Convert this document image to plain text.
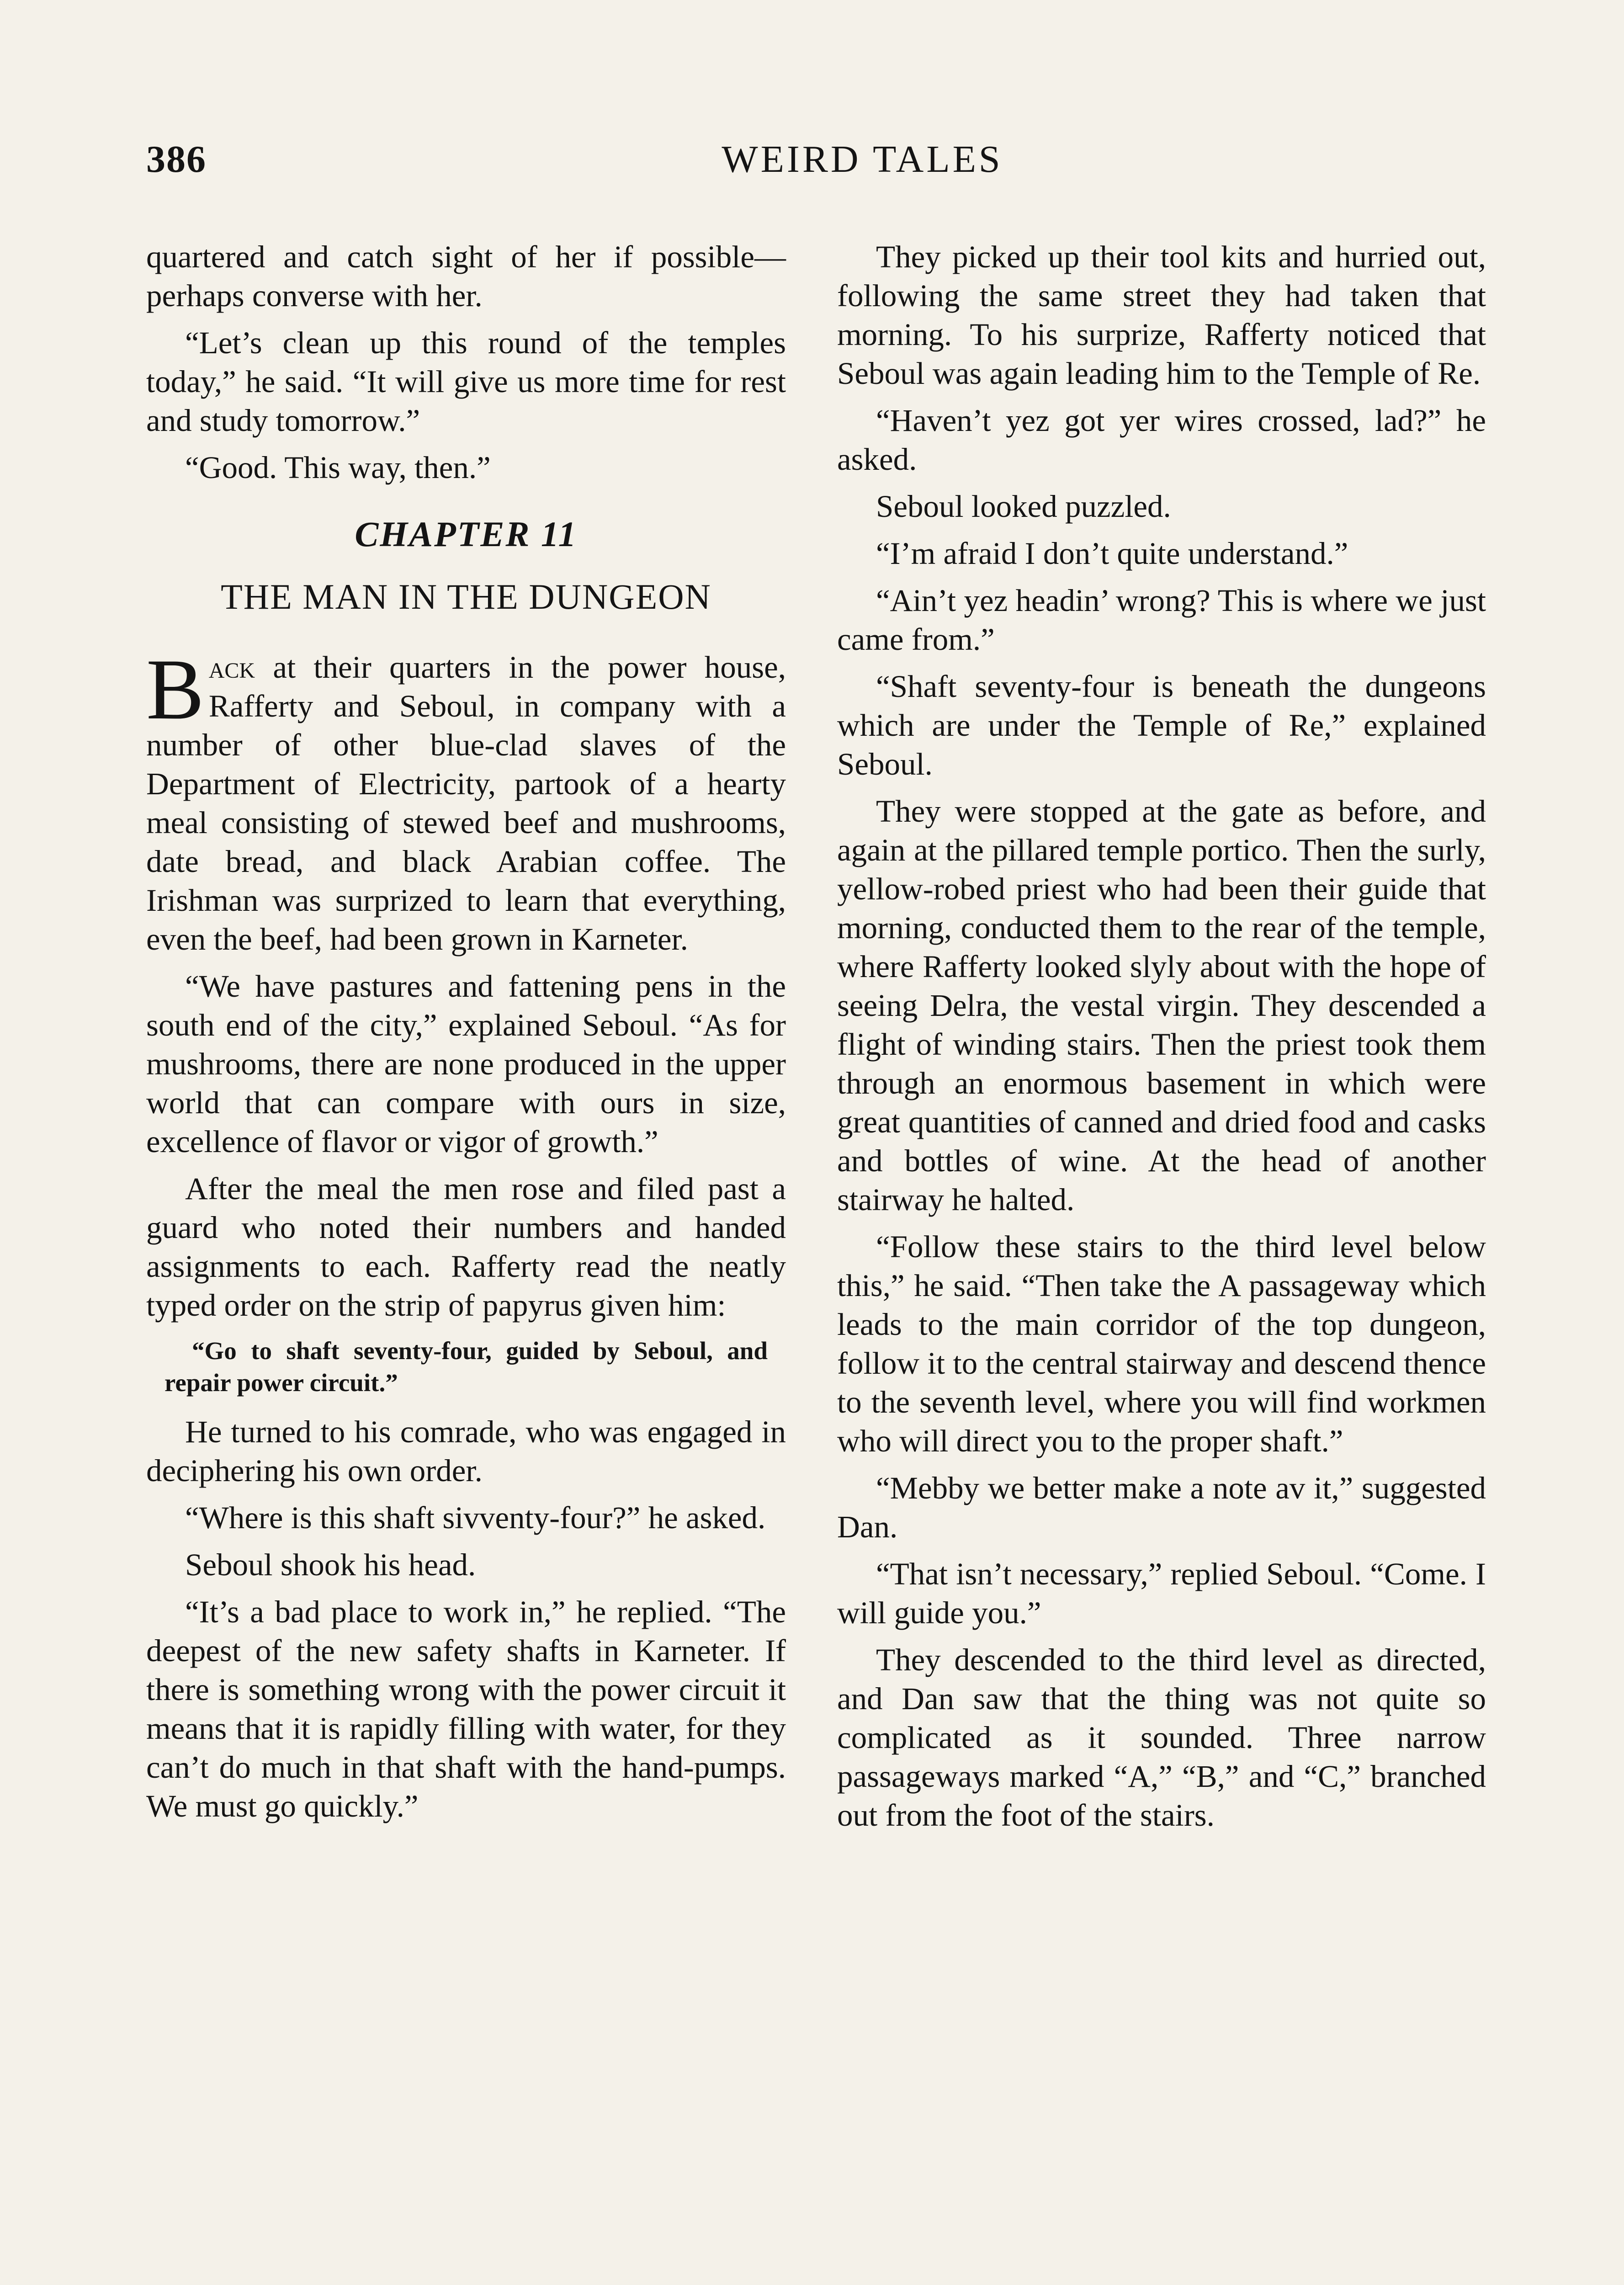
386	WEIRD TALES

quartered and catch sight of her if possible—perhaps converse with her.

“Let’s clean up this round of the temples today,” he said. “It will give us more time for rest and study tomorrow.”

“Good. This way, then.”

CHAPTER 11
THE MAN IN THE DUNGEON

Back at their quarters in the power house, Rafferty and Seboul, in company with a number of other blue-clad slaves of the Department of Electricity, partook of a hearty meal consisting of stewed beef and mushrooms, date bread, and black Arabian coffee. The Irishman was surprized to learn that everything, even the beef, had been grown in Karneter.

“We have pastures and fattening pens in the south end of the city,” explained Seboul. “As for mushrooms, there are none produced in the upper world that can compare with ours in size, excellence of flavor or vigor of growth.”

After the meal the men rose and filed past a guard who noted their numbers and handed assignments to each. Rafferty read the neatly typed order on the strip of papyrus given him:

“Go to shaft seventy-four, guided by Seboul, and repair power circuit.”

He turned to his comrade, who was engaged in deciphering his own order.

“Where is this shaft sivventy-four?” he asked.

Seboul shook his head.

“It’s a bad place to work in,” he replied. “The deepest of the new safety shafts in Karneter. If there is something wrong with the power circuit it means that it is rapidly filling with water, for they can’t do much in that shaft with the hand-pumps. We must go quickly.”

They picked up their tool kits and hurried out, following the same street they had taken that morning. To his surprize, Rafferty noticed that Seboul was again leading him to the Temple of Re.

“Haven’t yez got yer wires crossed, lad?” he asked.

Seboul looked puzzled.

“I’m afraid I don’t quite understand.”

“Ain’t yez headin’ wrong? This is where we just came from.”

“Shaft seventy-four is beneath the dungeons which are under the Temple of Re,” explained Seboul.

They were stopped at the gate as before, and again at the pillared temple portico. Then the surly, yellow-robed priest who had been their guide that morning, conducted them to the rear of the temple, where Rafferty looked slyly about with the hope of seeing Delra, the vestal virgin. They descended a flight of winding stairs. Then the priest took them through an enormous basement in which were great quantities of canned and dried food and casks and bottles of wine. At the head of another stairway he halted.

“Follow these stairs to the third level below this,” he said. “Then take the A passageway which leads to the main corridor of the top dungeon, follow it to the central stairway and descend thence to the seventh level, where you will find workmen who will direct you to the proper shaft.”

“Mebby we better make a note av it,” suggested Dan.

“That isn’t necessary,” replied Seboul. “Come. I will guide you.”

They descended to the third level as directed, and Dan saw that the thing was not quite so complicated as it sounded. Three narrow passageways marked “A,” “B,” and “C,” branched out from the foot of the stairs.
